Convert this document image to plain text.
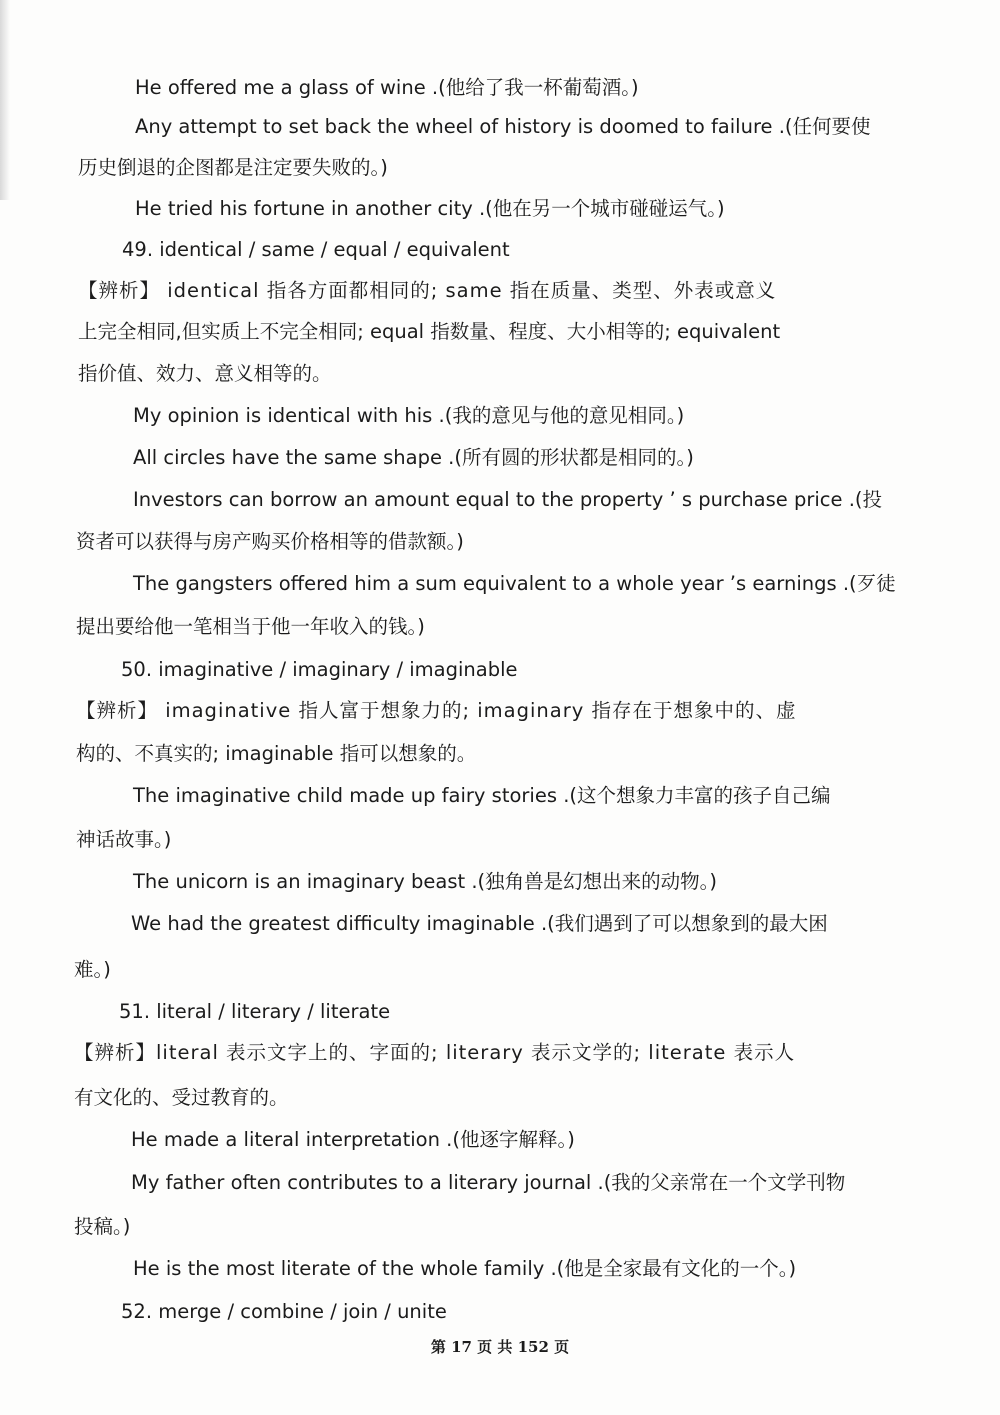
He offered me a glass of wine .(他给了我一杯葡萄酒。)
Any attempt to set back the wheel of history is doomed to failure .(任何要使
历史倒退的企图都是注定要失败的。)
He tried his fortune in another city .(他在另一个城市碰碰运气。)
49. identical / same / equal / equivalent
【辨析】 identical 指各方面都相同的; same 指在质量、类型、外表或意义
上完全相同,但实质上不完全相同; equal 指数量、程度、大小相等的; equivalent
指价值、效力、意义相等的。
My opinion is identical with his .(我的意见与他的意见相同。)
All circles have the same shape .(所有圆的形状都是相同的。)
Investors can borrow an amount equal to the property ’ s purchase price .(投
资者可以获得与房产购买价格相等的借款额。)
The gangsters offered him a sum equivalent to a whole year ’s earnings .(歹徒
提出要给他一笔相当于他一年收入的钱。)
50. imaginative / imaginary / imaginable
【辨析】 imaginative 指人富于想象力的; imaginary 指存在于想象中的、虚
构的、不真实的; imaginable 指可以想象的。
The imaginative child made up fairy stories .(这个想象力丰富的孩子自己编
神话故事。)
The unicorn is an imaginary beast .(独角兽是幻想出来的动物。)
We had the greatest difficulty imaginable .(我们遇到了可以想象到的最大困
难。)
51. literal / literary / literate
【辨析】literal 表示文字上的、字面的; literary 表示文学的; literate 表示人
有文化的、受过教育的。
He made a literal interpretation .(他逐字解释。)
My father often contributes to a literary journal .(我的父亲常在一个文学刊物
投稿。)
He is the most literate of the whole family .(他是全家最有文化的一个。)
52. merge / combine / join / unite
第 17 页 共 152 页
